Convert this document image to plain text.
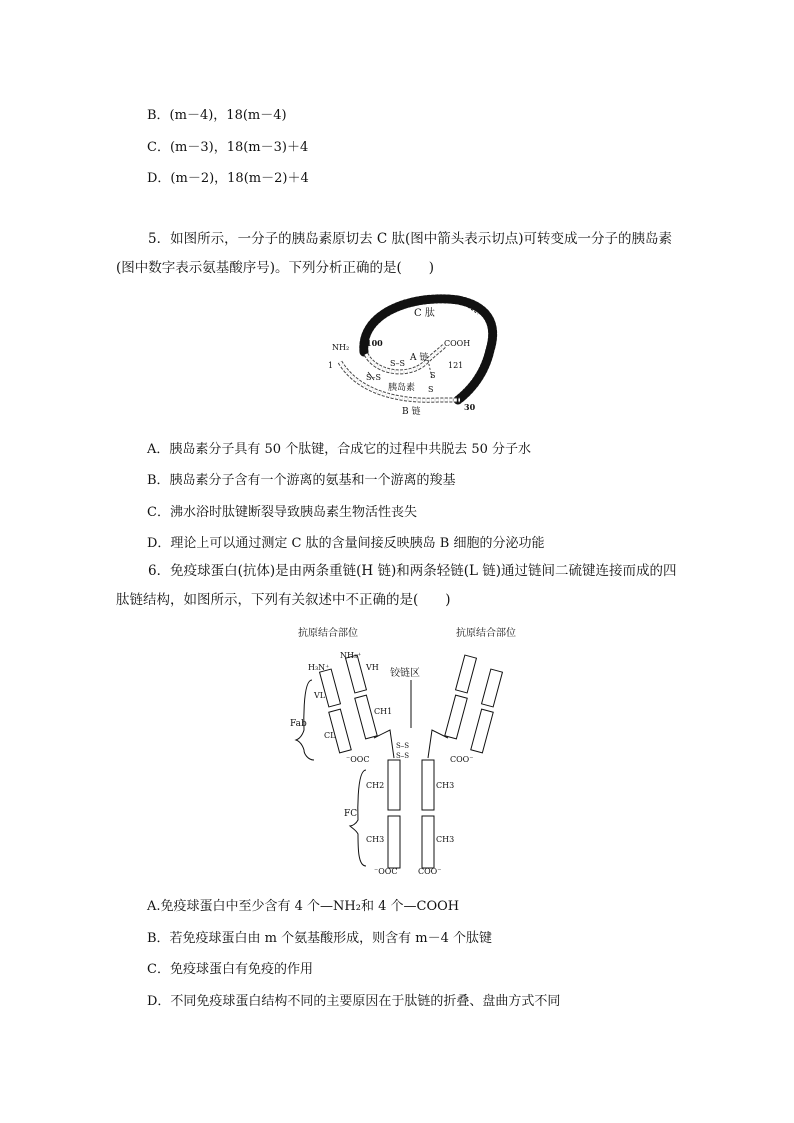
B．(m－4)，18(m－4)
C．(m－3)，18(m－3)＋4
D．(m－2)，18(m－2)＋4
5．如图所示，一分子的胰岛素原切去 C 肽(图中箭头表示切点)可转变成一分子的胰岛素(图中数字表示氨基酸序号)。下列分析正确的是(　　)
C 肽
NH₂
1
100
S–S
A 链
COOH
121
S–S	S
S
胰岛素
B 链	30
A．胰岛素分子具有 50 个肽键，合成它的过程中共脱去 50 分子水
B．胰岛素分子含有一个游离的氨基和一个游离的羧基
C．沸水浴时肽键断裂导致胰岛素生物活性丧失
D．理论上可以通过测定 C 肽的含量间接反映胰岛 B 细胞的分泌功能
6．免疫球蛋白(抗体)是由两条重链(H 链)和两条轻链(L 链)通过链间二硫键连接而成的四肽链结构，如图所示，下列有关叙述中不正确的是(　　)
抗原结合部位	抗原结合部位
铰链区
H₃N⁺
NH₃⁺
VH
VL
CH1
CL
Fab
FC
CH2
CH3
CH3
CH3
⁻OOC	COO⁻
⁻OOC	COO⁻
S–S
S–S
A.免疫球蛋白中至少含有 4 个—NH₂和 4 个—COOH
B．若免疫球蛋白由 m 个氨基酸形成，则含有 m－4 个肽键
C．免疫球蛋白有免疫的作用
D．不同免疫球蛋白结构不同的主要原因在于肽链的折叠、盘曲方式不同
